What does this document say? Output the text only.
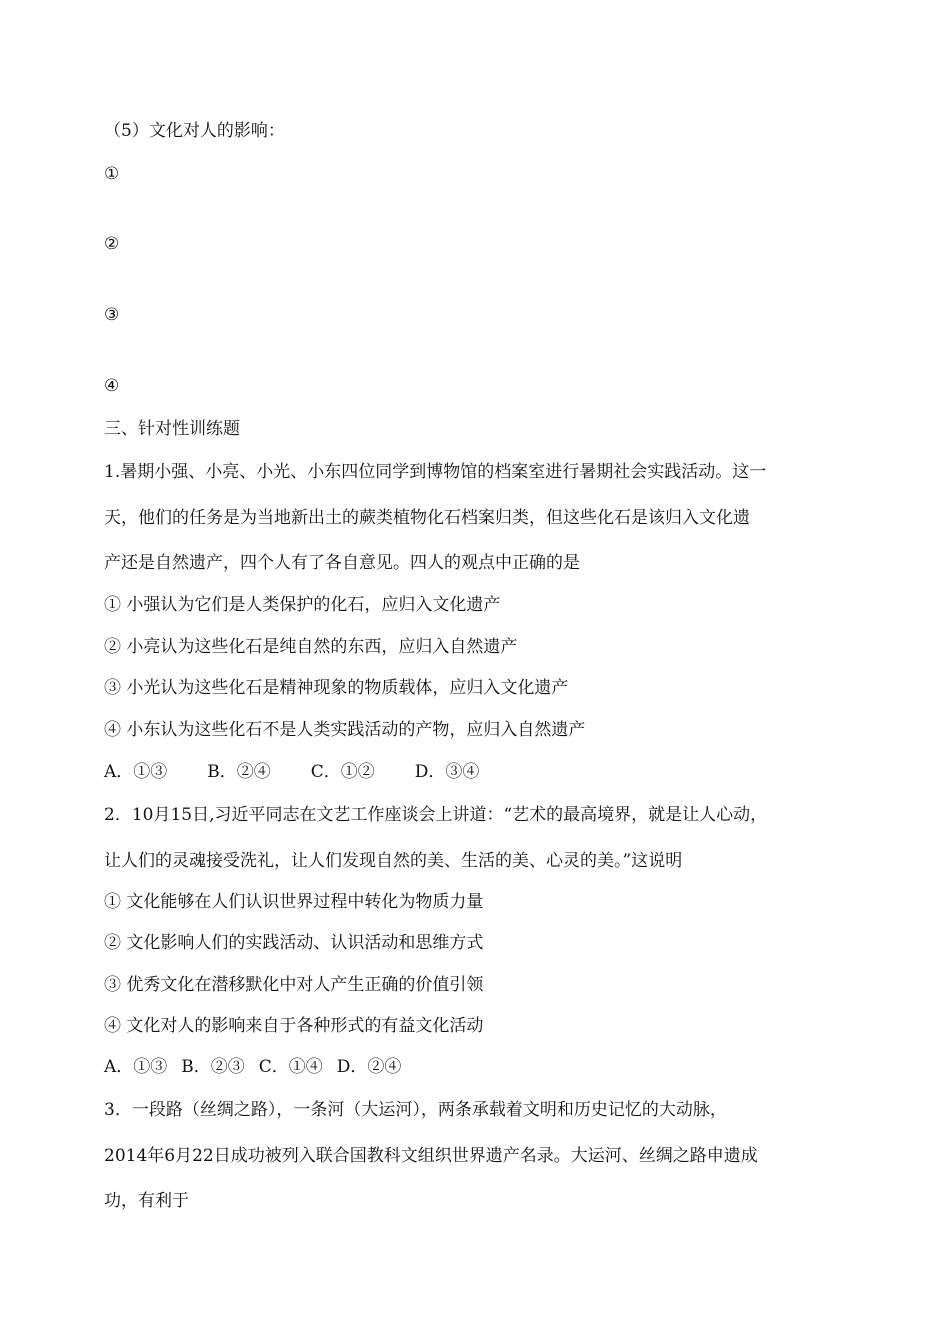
（5）文化对人的影响：
①
②
③
④
三、针对性训练题
1.暑期小强、小亮、小光、小东四位同学到博物馆的档案室进行暑期社会实践活动。这一
天，他们的任务是为当地新出土的蕨类植物化石档案归类，但这些化石是该归入文化遗
产还是自然遗产，四个人有了各自意见。四人的观点中正确的是
① 小强认为它们是人类保护的化石，应归入文化遗产
② 小亮认为这些化石是纯自然的东西，应归入自然遗产
③ 小光认为这些化石是精神现象的物质载体，应归入文化遗产
④ 小东认为这些化石不是人类实践活动的产物，应归入自然遗产
A．①③ B．②④ C．①② D．③④
2．10月15日,习近平同志在文艺工作座谈会上讲道：“艺术的最高境界，就是让人心动，
让人们的灵魂接受洗礼，让人们发现自然的美、生活的美、心灵的美。”这说明
① 文化能够在人们认识世界过程中转化为物质力量
② 文化影响人们的实践活动、认识活动和思维方式
③ 优秀文化在潜移默化中对人产生正确的价值引领
④ 文化对人的影响来自于各种形式的有益文化活动
A．①③ B．②③ C．①④ D．②④
3．一段路（丝绸之路），一条河（大运河），两条承载着文明和历史记忆的大动脉，
2014年6月22日成功被列入联合国教科文组织世界遗产名录。大运河、丝绸之路申遗成
功，有利于
